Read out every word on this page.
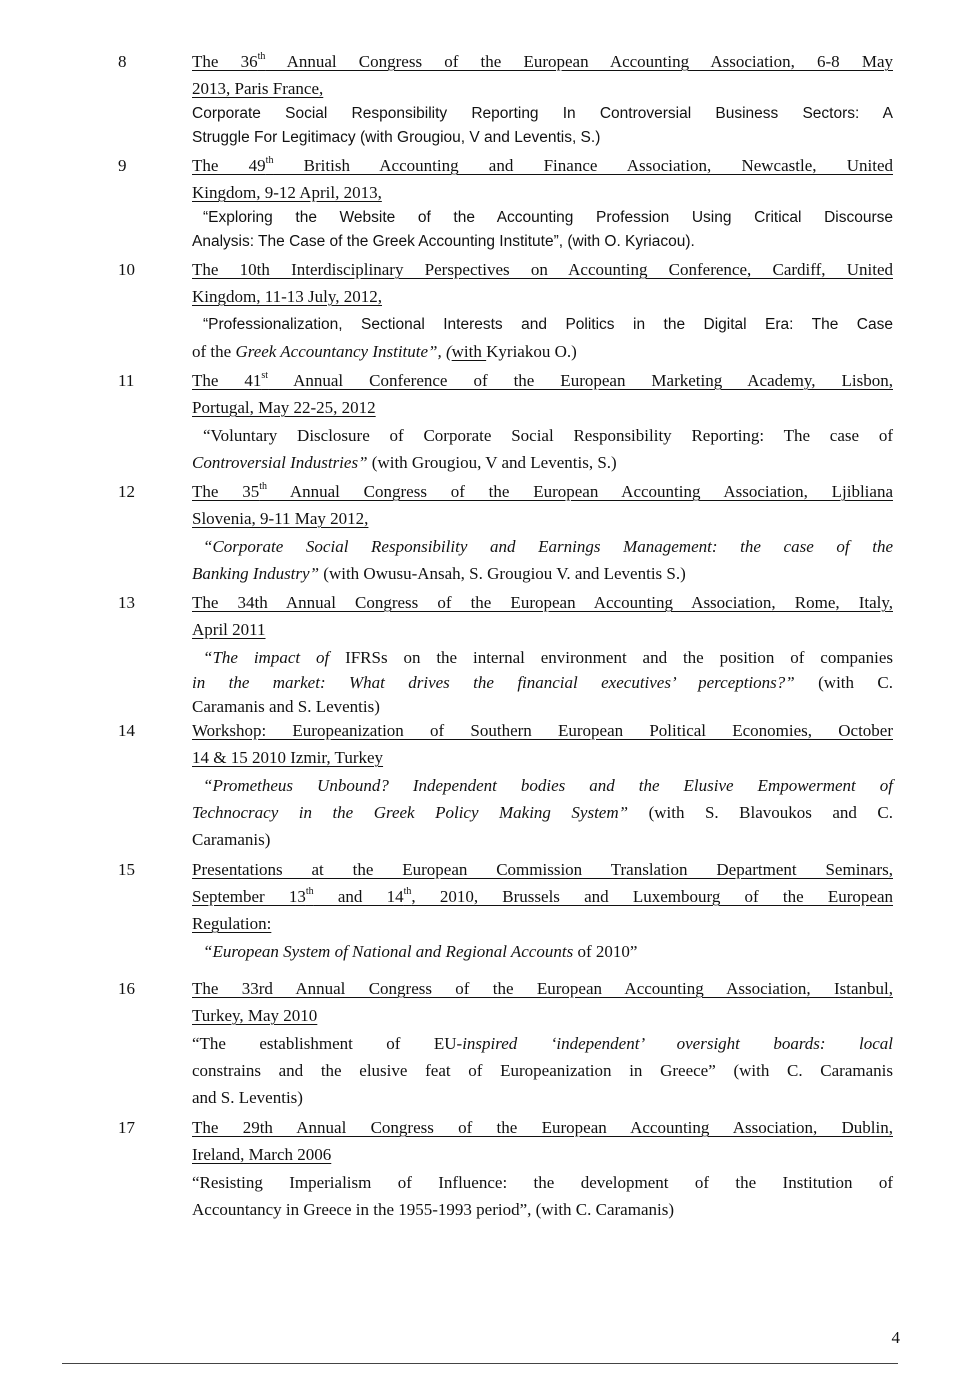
8	The 36th Annual Congress of the European Accounting Association, 6-8 May
2013, Paris France,
Corporate Social Responsibility Reporting In Controversial Business Sectors: A
Struggle For Legitimacy (with Grougiou, V and Leventis, S.)
9	The 49th British Accounting and Finance Association, Newcastle, United
Kingdom, 9-12 April, 2013,
“Exploring the Website of the Accounting Profession Using Critical Discourse
Analysis: The Case of the Greek Accounting Institute”, (with O. Kyriacou).
10	The 10th Interdisciplinary Perspectives on Accounting Conference, Cardiff, United
Kingdom, 11-13 July, 2012,
“Professionalization, Sectional Interests and Politics in the Digital Era: The Case
of the Greek Accountancy Institute”, (with Kyriakou O.)
11	The 41st Annual Conference of the European Marketing Academy, Lisbon,
Portugal, May 22-25, 2012
“Voluntary Disclosure of Corporate Social Responsibility Reporting: The case of
Controversial Industries” (with Grougiou, V and Leventis, S.)
12	The 35th Annual Congress of the European Accounting Association, Ljibliana
Slovenia, 9-11 May 2012,
“Corporate Social Responsibility and Earnings Management: the case of the
Banking Industry” (with Owusu-Ansah, S. Grougiou V. and Leventis S.)
13	The 34th Annual Congress of the European Accounting Association, Rome, Italy,
April 2011
“The impact of IFRSs on the internal environment and the position of companies
in the market: What drives the financial executives’ perceptions?” (with C.
Caramanis and S. Leventis)
14	Workshop: Europeanization of Southern European Political Economies, October
14 & 15 2010 Izmir, Turkey
“Prometheus Unbound? Independent bodies and the Elusive Empowerment of
Technocracy in the Greek Policy Making System” (with S. Blavoukos and C.
Caramanis)
15	Presentations at the European Commission Translation Department Seminars,
September 13th and 14th, 2010, Brussels and Luxembourg of the European
Regulation:
“European System of National and Regional Accounts of 2010”
16	The 33rd Annual Congress of the European Accounting Association, Istanbul,
Turkey, May 2010
“The establishment of EU-inspired ‘independent’ oversight boards: local
constrains and the elusive feat of Europeanization in Greece” (with C. Caramanis
and S. Leventis)
17	The 29th Annual Congress of the European Accounting Association, Dublin,
Ireland, March 2006
“Resisting Imperialism of Influence: the development of the Institution of
Accountancy in Greece in the 1955-1993 period”, (with C. Caramanis)
4
